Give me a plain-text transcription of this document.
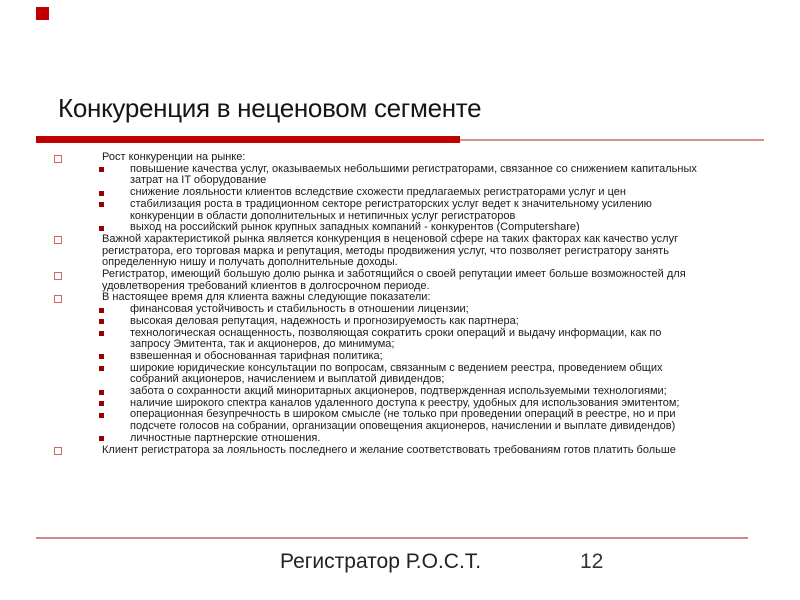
Конкуренция в неценовом сегменте
Рост конкуренции на рынке:
повышение качества услуг, оказываемых небольшими регистраторами, связанное со снижением капитальных затрат на IT оборудование
снижение лояльности клиентов вследствие схожести предлагаемых регистраторами услуг и цен
стабилизация роста в традиционном секторе регистраторских услуг ведет к значительному усилению конкуренции в области дополнительных и нетипичных услуг регистраторов
выход на российский рынок крупных западных компаний - конкурентов (Computershare)
Важной характеристикой рынка является конкуренция в неценовой сфере на таких факторах как качество услуг регистратора, его торговая марка и репутация, методы продвижения услуг, что позволяет регистратору занять определенную нишу и получать дополнительные доходы.
Регистратор, имеющий большую долю рынка и заботящийся о своей репутации имеет больше возможностей для удовлетворения требований клиентов в долгосрочном периоде.
В настоящее время для клиента важны следующие показатели:
финансовая устойчивость и стабильность в отношении лицензии;
высокая деловая репутация, надежность и прогнозируемость как партнера;
технологическая оснащенность, позволяющая сократить сроки операций и выдачу информации, как по запросу Эмитента, так и акционеров, до минимума;
взвешенная и обоснованная тарифная политика;
широкие юридические консультации по вопросам, связанным с ведением реестра, проведением общих собраний акционеров, начислением и выплатой дивидендов;
забота о сохранности акций миноритарных акционеров, подтвержденная используемыми технологиями;
наличие широкого спектра каналов удаленного доступа к реестру, удобных для использования эмитентом;
операционная безупречность в широком смысле (не только при проведении операций в реестре, но и при подсчете голосов на собрании, организации оповещения акционеров, начислении и выплате дивидендов)
личностные партнерские отношения.
Клиент регистратора за лояльность последнего и желание соответствовать требованиям готов платить больше
Регистратор Р.О.С.Т.	12
